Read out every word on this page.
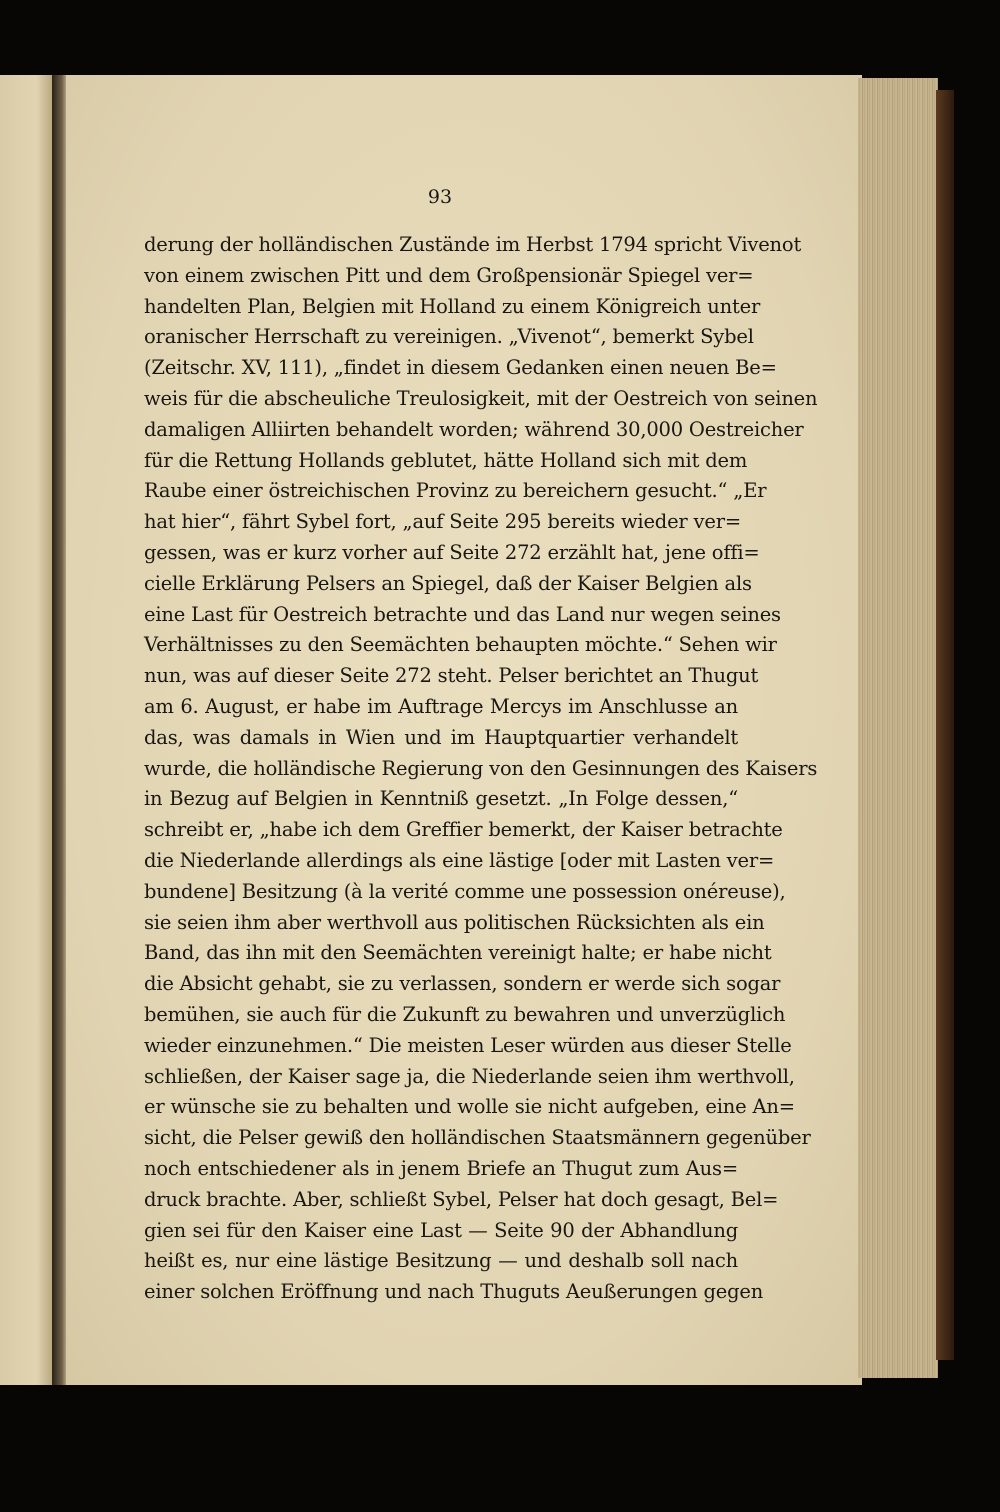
93
derung der holländischen Zustände im Herbst 1794 spricht Vivenot
von einem zwischen Pitt und dem Großpensionär Spiegel ver=
handelten Plan, Belgien mit Holland zu einem Königreich unter
oranischer Herrschaft zu vereinigen. „Vivenot“, bemerkt Sybel
(Zeitschr. XV, 111), „findet in diesem Gedanken einen neuen Be=
weis für die abscheuliche Treulosigkeit, mit der Oestreich von seinen
damaligen Alliirten behandelt worden; während 30,000 Oestreicher
für die Rettung Hollands geblutet, hätte Holland sich mit dem
Raube einer östreichischen Provinz zu bereichern gesucht.“ „Er
hat hier“, fährt Sybel fort, „auf Seite 295 bereits wieder ver=
gessen, was er kurz vorher auf Seite 272 erzählt hat, jene offi=
cielle Erklärung Pelsers an Spiegel, daß der Kaiser Belgien als
eine Last für Oestreich betrachte und das Land nur wegen seines
Verhältnisses zu den Seemächten behaupten möchte.“ Sehen wir
nun, was auf dieser Seite 272 steht. Pelser berichtet an Thugut
am 6. August, er habe im Auftrage Mercys im Anschlusse an
das, was damals in Wien und im Hauptquartier verhandelt
wurde, die holländische Regierung von den Gesinnungen des Kaisers
in Bezug auf Belgien in Kenntniß gesetzt. „In Folge dessen,“
schreibt er, „habe ich dem Greffier bemerkt, der Kaiser betrachte
die Niederlande allerdings als eine lästige [oder mit Lasten ver=
bundene] Besitzung (à la verité comme une possession onéreuse),
sie seien ihm aber werthvoll aus politischen Rücksichten als ein
Band, das ihn mit den Seemächten vereinigt halte; er habe nicht
die Absicht gehabt, sie zu verlassen, sondern er werde sich sogar
bemühen, sie auch für die Zukunft zu bewahren und unverzüglich
wieder einzunehmen.“ Die meisten Leser würden aus dieser Stelle
schließen, der Kaiser sage ja, die Niederlande seien ihm werthvoll,
er wünsche sie zu behalten und wolle sie nicht aufgeben, eine An=
sicht, die Pelser gewiß den holländischen Staatsmännern gegenüber
noch entschiedener als in jenem Briefe an Thugut zum Aus=
druck brachte. Aber, schließt Sybel, Pelser hat doch gesagt, Bel=
gien sei für den Kaiser eine Last — Seite 90 der Abhandlung
heißt es, nur eine lästige Besitzung — und deshalb soll nach
einer solchen Eröffnung und nach Thuguts Aeußerungen gegen
